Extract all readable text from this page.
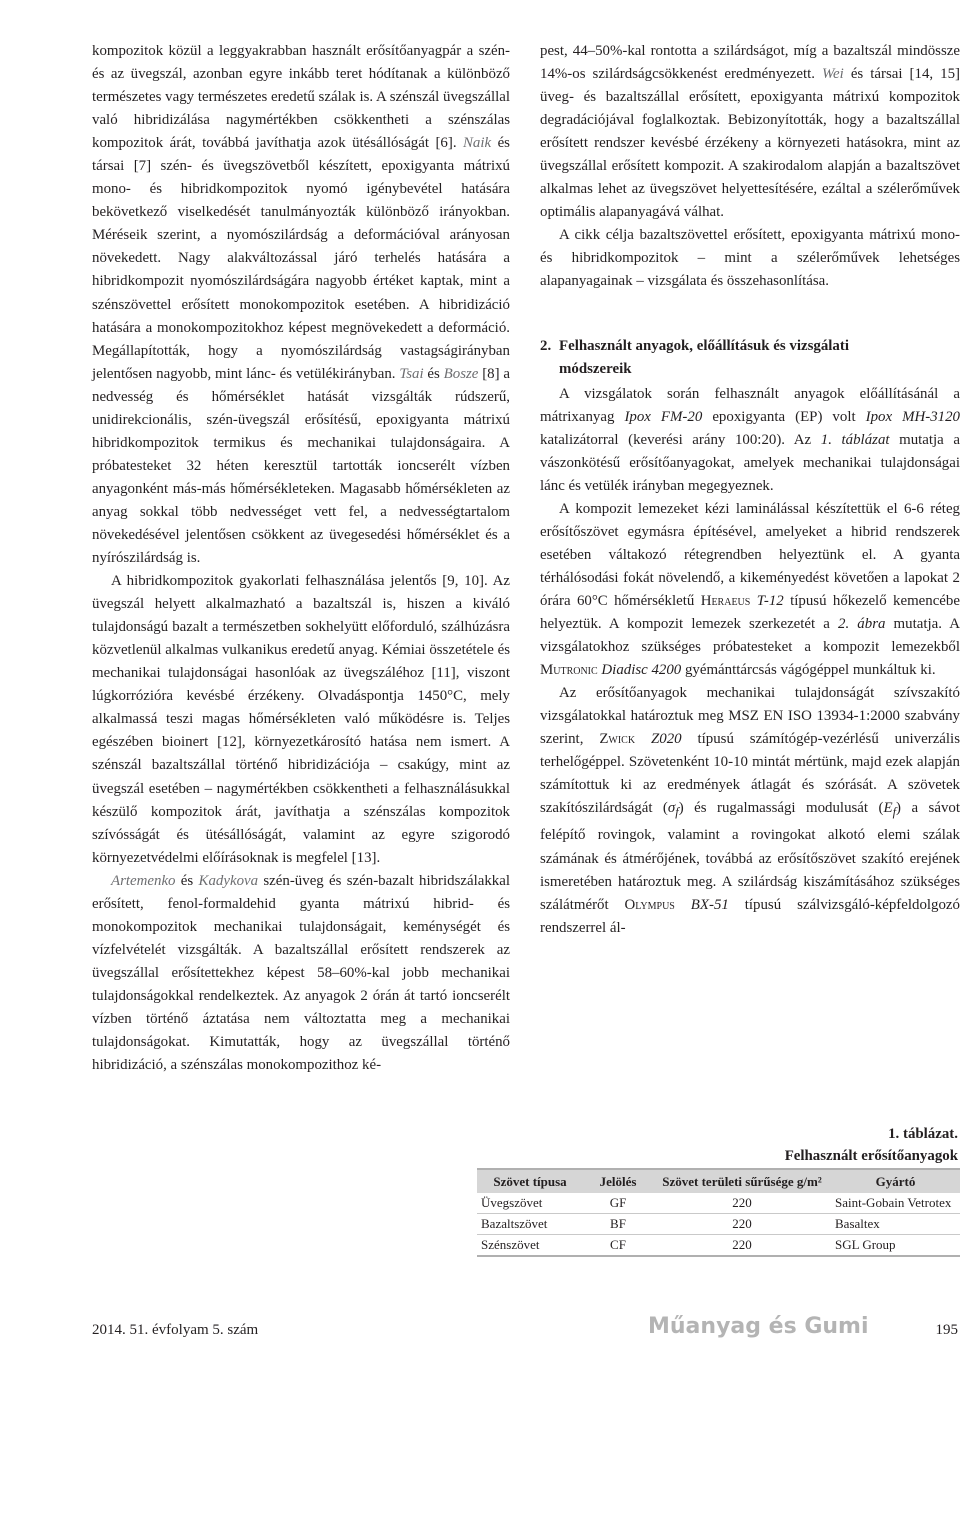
kompozitok közül a leggyakrabban használt erősítőanyagpár a szén- és az üvegszál, azonban egyre inkább teret hódítanak a különböző természetes vagy természetes eredetű szálak is. A szénszál üvegszállal való hibridizálása nagymértékben csökkentheti a szénszálas kompozitok árát, továbbá javíthatja azok ütésállóságát [6]. Naik és társai [7] szén- és üvegszövetből készített, epoxigyanta mátrixú mono- és hibridkompozitok nyomó igénybevétel hatására bekövetkező viselkedését tanulmányozták különböző irányokban. Méréseik szerint, a nyomószilárdság a deformációval arányosan növekedett. Nagy alakváltozással járó terhelés hatására a hibridkompozit nyomószilárdságára nagyobb értéket kaptak, mint a szénszövettel erősített monokompozitok esetében. A hibridizáció hatására a monokompozitokhoz képest megnövekedett a deformáció. Megállapították, hogy a nyomószilárdság vastagságirányban jelentősen nagyobb, mint lánc- és vetülékirányban. Tsai és Bosze [8] a nedvesség és hőmérséklet hatását vizsgálták rúdszerű, unidirekcionális, szén-üvegszál erősítésű, epoxigyanta mátrixú hibridkompozitok termikus és mechanikai tulajdonságaira. A próbatesteket 32 héten keresztül tartották ioncserélt vízben anyagonként más-más hőmérsékleteken. Magasabb hőmérsékleten az anyag sokkal több nedvességet vett fel, a nedvességtartalom növekedésével jelentősen csökkent az üvegesedési hőmérséklet és a nyírószilárdság is.

A hibridkompozitok gyakorlati felhasználása jelentős [9, 10]. Az üvegszál helyett alkalmazható a bazaltszál is, hiszen a kiváló tulajdonságú bazalt a természetben sokhelyütt előforduló, szálhúzásra közvetlenül alkalmas vulkanikus eredetű anyag. Kémiai összetétele és mechanikai tulajdonságai hasonlóak az üvegszáléhoz [11], viszont lúgkorrózióra kevésbé érzékeny. Olvadáspontja 1450°C, mely alkalmassá teszi magas hőmérsékleten való működésre is. Teljes egészében bioinert [12], környezetkárosító hatása nem ismert. A szénszál bazaltszállal történő hibridizációja – csakúgy, mint az üvegszál esetében – nagymértékben csökkentheti a felhasználásukkal készülő kompozitok árát, javíthatja a szénszálas kompozitok szívósságát és ütésállóságát, valamint az egyre szigorodó környezetvédelmi előírásoknak is megfelel [13].

Artemenko és Kadykova szén-üveg és szén-bazalt hibridszálakkal erősített, fenol-formaldehid gyanta mátrixú hibrid- és monokompozitok mechanikai tulajdonságait, keménységét és vízfelvételét vizsgálták. A bazaltszállal erősített rendszerek az üvegszállal erősítettekhez képest 58–60%-kal jobb mechanikai tulajdonságokkal rendelkeztek. Az anyagok 2 órán át tartó ioncserélt vízben történő áztatása nem változtatta meg a mechanikai tulajdonságokat. Kimutatták, hogy az üvegszállal történő hibridizáció, a szénszálas monokompozithoz ké-

pest, 44–50%-kal rontotta a szilárdságot, míg a bazaltszál mindössze 14%-os szilárdságcsökkenést eredményezett. Wei és társai [14, 15] üveg- és bazaltszállal erősített, epoxigyanta mátrixú kompozitok degradációjával foglalkoztak. Bebizonyították, hogy a bazaltszállal erősített rendszer kevésbé érzékeny a környezeti hatásokra, mint az üvegszállal erősített kompozit. A szakirodalom alapján a bazaltszövet alkalmas lehet az üvegszövet helyettesítésére, ezáltal a szélerőművek optimális alapanyagává válhat.

A cikk célja bazaltszövettel erősített, epoxigyanta mátrixú mono- és hibridkompozitok – mint a szélerőművek lehetséges alapanyagainak – vizsgálata és összehasonlítása.

2. Felhasznált anyagok, előállításuk és vizsgálati
módszereik

A vizsgálatok során felhasznált anyagok előállításánál a mátrixanyag Ipox FM-20 epoxigyanta (EP) volt Ipox MH-3120 katalizátorral (keverési arány 100:20). Az 1. táblázat mutatja a vászonkötésű erősítőanyagokat, amelyek mechanikai tulajdonságai lánc és vetülék irányban megegyeznek.

A kompozit lemezeket kézi laminálással készítettük el 6-6 réteg erősítőszövet egymásra építésével, amelyeket a hibrid rendszerek esetében váltakozó rétegrendben helyeztünk el. A gyanta térhálósodási fokát növelendő, a kikeményedést követően a lapokat 2 órára 60°C hőmérsékletű Heraeus T-12 típusú hőkezelő kemencébe helyeztük. A kompozit lemezek szerkezetét a 2. ábra mutatja. A vizsgálatokhoz szükséges próbatesteket a kompozit lemezekből Mutronic Diadisc 4200 gyémánttárcsás vágógéppel munkáltuk ki.

Az erősítőanyagok mechanikai tulajdonságát szívszakító vizsgálatokkal határoztuk meg MSZ EN ISO 13934-1:2000 szabvány szerint, Zwick Z020 típusú számítógép-vezérlésű univerzális terhelőgéppel. Szövetenként 10-10 mintát mértünk, majd ezek alapján számítottuk ki az eredmények átlagát és szórását. A szövetek szakítószilárdságát $(\sigma_f)$ és rugalmassági modulusát $(E_f)$ a sávot felépítő rovingok, valamint a rovingokat alkotó elemi szálak számának és átmérőjének, továbbá az erősítőszövet szakító erejének ismeretében határoztuk meg. A szilárdság kiszámításához szükséges szálátmérőt Olympus BX-51 típusú szálvizsgáló-képfeldolgozó rendszerrel ál-

1. táblázat.
Felhasznált erősítőanyagok
Szövet típusa	Jelölés	Szövet területi sűrűsége g/m²	Gyártó
Üvegszövet	GF	220	Saint-Gobain Vetrotex
Bazaltszövet	BF	220	Basaltex
Szénszövet	CF	220	SGL Group
2014. 51. évfolyam 5. szám	Műanyag és Gumi	195
